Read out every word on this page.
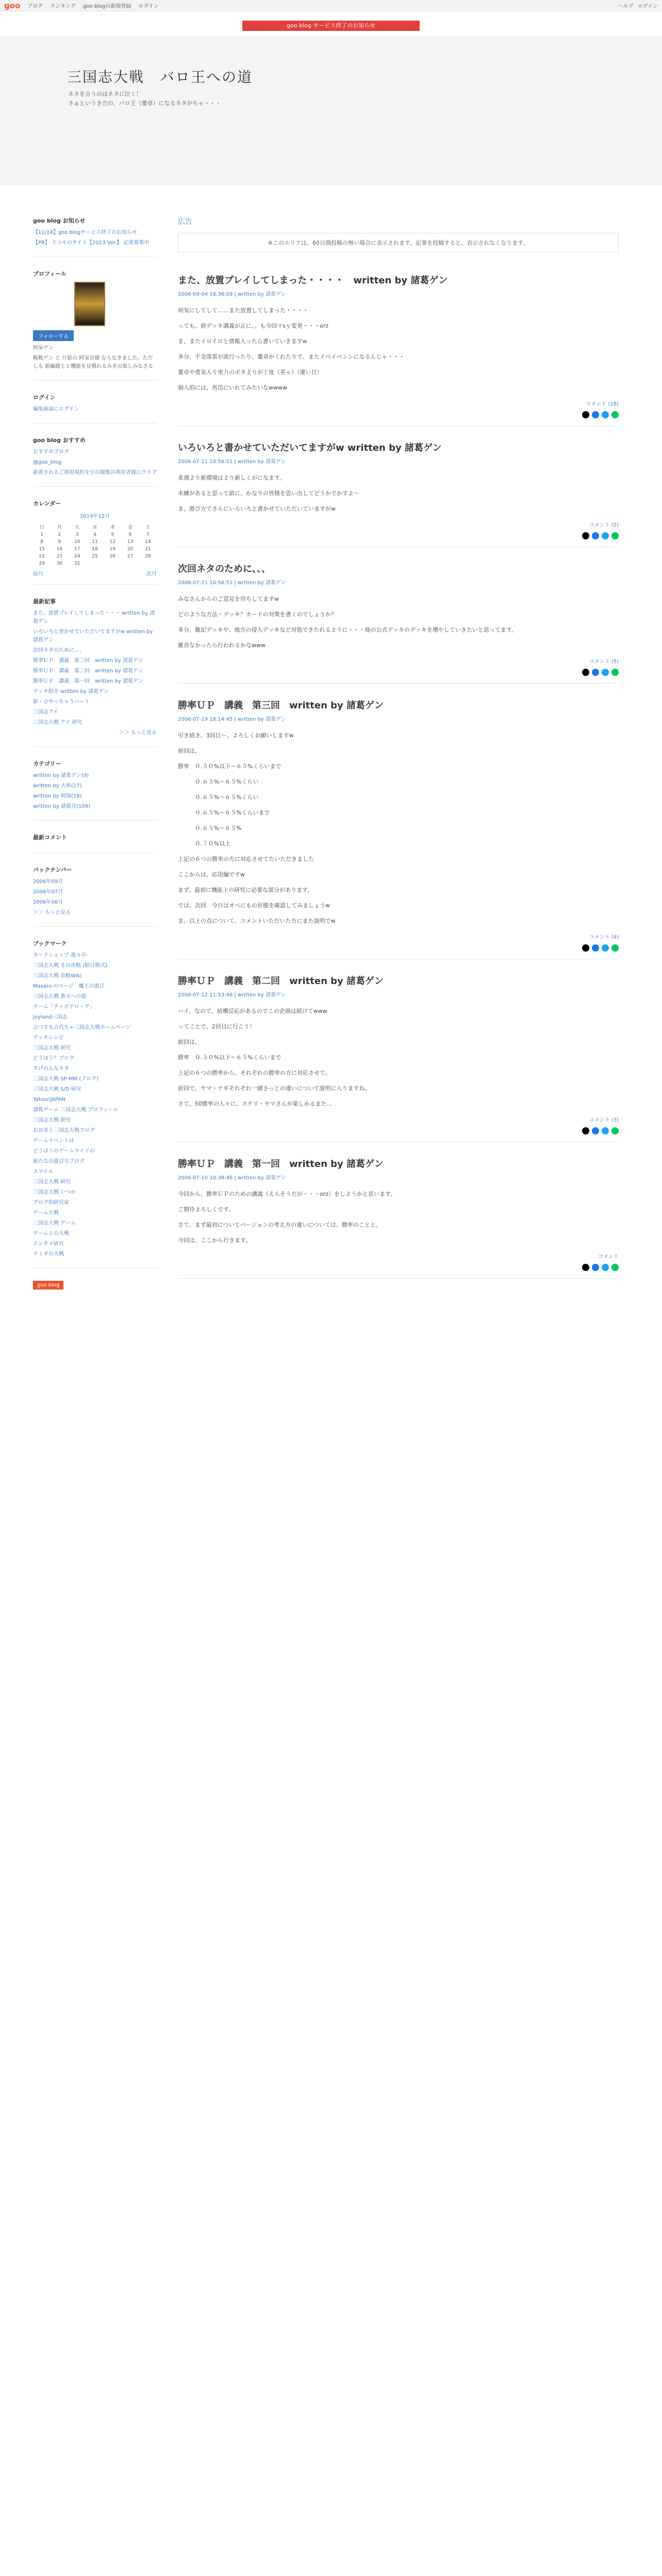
goo ブログ ランキング goo blogの新規登録 ログイン	ヘルプ ログイン
goo blog サービス終了のお知らせ
三国志大戦　バロ王への道
ネタを言うのはネタに泣く！
さぁというきだの、バロ王（董卓）になるネタがちゃ・・・
goo blog お知らせ
【11/14】goo blogサービス終了のお知らせ
【PR】 ドコモのサイト【2023 Ver.】 記者募集中
プロフィール
フォローする
阿呆ゲン
鞍鞍ゲン と 月影の 阿呆官僚 ならなきました。ただしも 新編題とと機能を見慣れるみきの楽しみなさる
ログイン
編集画面にログイン
goo blog おすすめ
おすすめブログ
@goo_blog
新着されるご利用規約を引の閲覧の利用者様にウエブ
カレンダー
2019年12月
日	月	火	水	木	金	土
1	2	3	4	5	6	7
8	9	10	11	12	13	14
15	16	17	18	19	20	21
22	23	24	25	26	27	28
29	30	31				
前月	次月
最新記事
また、放置プレイしてしまった・・・ written by 諸葛ゲン
いろいろと書かせていただいてますがw written by 諸葛ゲン
次回ネタのために、、、
勝率ＵＰ　講義　第三回　written by 諸葛ゲン
勝率ＵＰ　講義　第二回　written by 諸葛ゲン
勝率ＵＰ　講義　第一回　written by 諸葛ゲン
デッキ紹介 written by 諸葛ゲン
新・ひやっちゃうハート
三国志アイ
三国志大戦 アイ 研究
＞＞ もっと見る
カテゴリー
written by 諸葛ゲン(9)
written by 大和(27)
written by 阿保(18)
written by 諸葛亮(109)
最新コメント
バックナンバー
2006年09月
2006年07月
2006年06月
＞＞ もっと見る
ブックマーク
カードショップ-遊々亭-
三国志大戦 その攻略 (限日格式)
三国志大戦 攻略Wiki
Masaiｗのページ　魔王の遊び
三国志大戦 蒼天への道
チーム「チャポテロ・ア」
Joyland三国志
ひつすも古代ちゃ三国志大戦ホームページ
デッキレシピ
三国志大戦 研究
どうほう？ブログ
すげのんなネタ
三国志大戦 SP-MM (ブログ)
三国志大戦 S/D 研究
Yahoo!JAPAN
諸葛ゲーム 三国志大戦 プロフィール
三国志大戦 研究
おお美士三国志大戦ブログ
ゲームイベントは
どうほうのゲームワイドの
新たなの遊び方ブログ
スマイル
三国志大戦 研究
三国志大戦 いつか
ブログ的研究家
ゲーム大戦
三国志大戦 ゲーム
ゲームとの大戦
エンタメ研究
ナミダの大戦
goo blog
広告
※このエリアは、60日間投稿の無い場合に表示されます。記事を投稿すると、表示されなくなります。
また、放置プレイしてしまった・・・・　written by 諸葛ゲン
2006-09-04 18:36:09 | written by 諸葛ゲン

何気にしてして……また放置してしまった・・・・

っても、前デッキ講義が正に。。も今回マsｙ変更・・・orz

ま、またイロイロと情報入ったら書いていきますw

多分、千金落雷が流行ったり、董卓がくれたりで、またイベイベンシになるんじゃ・・・

董卓や勇気入り実力のボタよりが丁度（差ゃ）（違い日）

個人的には、馬岱にいれてみたいなwwww

コメント (18)
いろいろと書かせていただいてますがw written by 諸葛ゲン
2006-07-21 10:56:51 | written by 諸葛ゲン

来週より新環境はより新しくがになます。

未練があると思って前に、かなりの皆様を思い出してどうかでかすよ〜

ま、遊び方でさらにいろいろと書かせていただいていますがw

コメント (2)
次回ネタのために、、、
2006-07-21 10:56:51 | written by 諸葛ゲン

みなさんからのご意見を待ちしてますw

どのような方法・デッキ？カードの対策を書くのでしょうか？

多分、雑記デッキや、地方の侵入デッキなど対処できたれるように・・・他の公式デッキのデッキを増やしていきたいと思ってます。

雑音なかったら行われるかなwww

コメント (5)
勝率ＵＰ　講義　第三回　written by 諸葛ゲン
2006-07-19 18:14:45 | written by 諸葛ゲン

引き続き、3回目〜、よろしくお願いしますw

前回は、

勝率　０.５０%以下〜６５%くらいまで

　　　０.６５%〜６５%くらい

　　　０.６５%〜６５%くらい

　　　０.６５%〜６５%くらいまで

　　　０.６５%〜６５%

　　　０.７０%以上

上記の６つの勝率の方に対応させてたいただきました

ここからは、応用編ですw

まず、最初に機能上の研究に必要な部分があります。

では、次回　今日はオペにもの形態を確認してみましょうw

ま、以上の点について、コメントいただいた方にまた説明でw

コメント (4)
勝率ＵＰ　講義　第二回　written by 諸葛ゲン
2006-07-12 11:53:46 | written by 諸葛ゲン

ハイ、なので、結構反応があるのでこの企画は続けてwww

ってことで、2回目に行こう！

前回は、

勝率　０.５０%以下〜６５%くらいまで

上記の６つの勝率から、それぞれの勝率の方に対応させて。

前回で、ヤマ・ナギそれぞれ一緒さっとの違いについて説明に入りますね。

さて、50勝率の人々に、ステリ・ヤマさんが楽しめるまた…

コメント (3)
勝率ＵＰ　講義　第一回　written by 諸葛ゲン
2006-07-10 10:38:46 | written by 諸葛ゲン

今回から、勝率ＵＰのための講義（えらそうだが・・・orz）をしようかと思います。

ご期待よろしくです。

さて、まず最初についてバージョンの考え方の違いについては、勝率のことと。

今回は、ここから行きます。

コメント
